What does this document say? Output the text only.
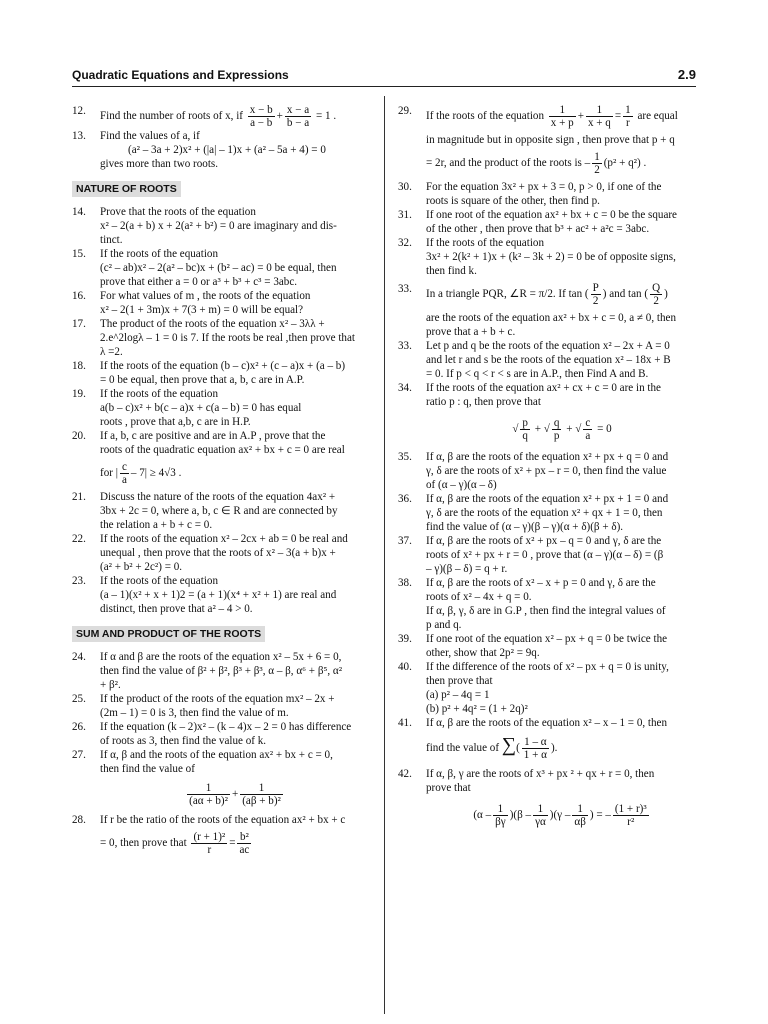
Quadratic Equations and Expressions	2.9
12.	Find the number of roots of x, if $\frac{x - b}{a - b} + \frac{x - a}{b - a} = 1$ .
13.	Find the values of a, if
(a² – 3a + 2)x² + (|a| – 1)x + (a² – 5a + 4) = 0
gives more than two roots.
NATURE OF ROOTS
14.	Prove that the roots of the equation
x² – 2(a + b) x + 2(a² + b²) = 0 are imaginary and dis-
tinct.
15.	If the roots of the equation
(c² – ab)x² – 2(a² – bc)x + (b² – ac) = 0 be equal, then
prove that either a = 0 or a³ + b³ + c³ = 3abc.
16.	For what values of m , the roots of the equation
x² – 2(1 + 3m)x + 7(3 + m) = 0 will be equal?
17.	The product of the roots of the equation x² – 3λλ +
2.e^2logλ – 1 = 0 is 7. If the roots be real ,then prove that
λ =2.
18.	If the roots of the equation (b – c)x² + (c – a)x + (a – b)
= 0 be equal, then prove that a, b, c are in A.P.
19.	If the roots of the equation
a(b – c)x² + b(c – a)x + c(a – b) = 0 has equal
roots , prove that a,b, c are in H.P.
20.	If a, b, c are positive and are in A.P , prove that the
roots of the quadratic equation ax² + bx + c = 0 are real
for | $\frac{c}{a} - 7| \ge 4√3$ .
21.	Discuss the nature of the roots of the equation 4ax² +
3bx + 2c = 0, where a, b, c ∈ R and are connected by
the relation a + b + c = 0.
22.	If the roots of the equation x² – 2cx + ab = 0 be real and
unequal , then prove that the roots of x² – 3(a + b)x +
(a² + b² + 2c²) = 0.
23.	If the roots of the equation
(a – 1)(x² + x + 1)2 = (a + 1)(x⁴ + x² + 1) are real and
distinct, then prove that a² – 4 > 0.
SUM AND PRODUCT OF THE ROOTS
24.	If α and β are the roots of the equation x² – 5x + 6 = 0,
then find the value of β² + β², β³ + β³, α – β, α⁶ + β⁵, α²
+ β².
25.	If the product of the roots of the equation mx² – 2x +
(2m – 1) = 0 is 3, then find the value of m.
26.	If the equation (k – 2)x² – (k – 4)x – 2 = 0 has difference
of roots as 3, then find the value of k.
27.	If α, β and the roots of the equation ax² + bx + c = 0,
then find the value of
$\frac{1}{\text{(aα + b)²}} + \frac{1}{\text{(aβ + b)²}}$
28.	If r be the ratio of the roots of the equation ax² + bx + c
= 0, then prove that $\frac{\text{(r + 1)²}}{r} = \frac{\text{b²}}{ac}$
29.	If the roots of the equation $\frac{1}{x + p} + \frac{1}{x + q} = \frac{1}{r}$ are equal
in magnitude but in opposite sign , then prove that p + q
= 2r, and the product of the roots is – $\frac{1}{2} (p^2 + q^2)$ .
30.	For the equation 3x² + px + 3 = 0, p > 0, if one of the
roots is square of the other, then find p.
31.	If one root of the equation ax² + bx + c = 0 be the square
of the other , then prove that b³ + ac² + a²c = 3abc.
32.	If the roots of the equation
3x² + 2(k² + 1)x + (k² – 3k + 2) = 0 be of opposite signs,
then find k.
33.	In a triangle PQR, ∠R = π/2. If tan ( $\frac{P}{2}$ ) and tan ( $\frac{Q}{2}$ )
are the roots of the equation ax² + bx + c = 0, a ≠ 0, then
prove that a + b + c.
33.	Let p and q be the roots of the equation x² – 2x + A = 0
and let r and s be the roots of the equation x² – 18x + B
= 0. If p < q < r < s are in A.P., then Find A and B.
34.	If the roots of the equation ax² + cx + c = 0 are in the
ratio p : q, then prove that
√ $\frac{p}{q}$ + √ $\frac{q}{p}$ + √ $\frac{c}{a} = 0$
35.	If α, β are the roots of the equation x² + px + q = 0 and
γ, δ are the roots of x² + px – r = 0, then find the value
of (α – γ)(α – δ)
36.	If α, β are the roots of the equation x² + px + 1 = 0 and
γ, δ are the roots of the equation x² + qx + 1 = 0, then
find the value of (α – γ)(β – γ)(α + δ)(β + δ).
37.	If α, β are the roots of x² + px – q = 0 and γ, δ are the
roots of x² + px + r = 0 , prove that (α – γ)(α – δ) = (β
– γ)(β – δ) = q + r.
38.	If α, β are the roots of x² – x + p = 0 and γ, δ are the
roots of x² – 4x + q = 0.
If α, β, γ, δ are in G.P , then find the integral values of
p and q.
39.	If one root of the equation x² – px + q = 0 be twice the
other, show that 2p² = 9q.
40.	If the difference of the roots of x² – px + q = 0 is unity,
then prove that
(a) p² – 4q = 1
(b) p² + 4q² = (1 + 2q)²
41.	If α, β are the roots of the equation x² – x – 1 = 0, then
find the value of ∑( $\frac{1 - \alpha}{1 + \alpha}$ ).
42.	If α, β, γ are the roots of x³ + px ² + qx + r = 0, then
prove that
$(\alpha - \frac{1}{\beta\gamma} )(\beta - \frac{1}{\gamma\alpha} )(\gamma - \frac{1}{\alpha\beta}$ ) = – $\frac{\text{(1 + r)³}}{\text{r²}}$
